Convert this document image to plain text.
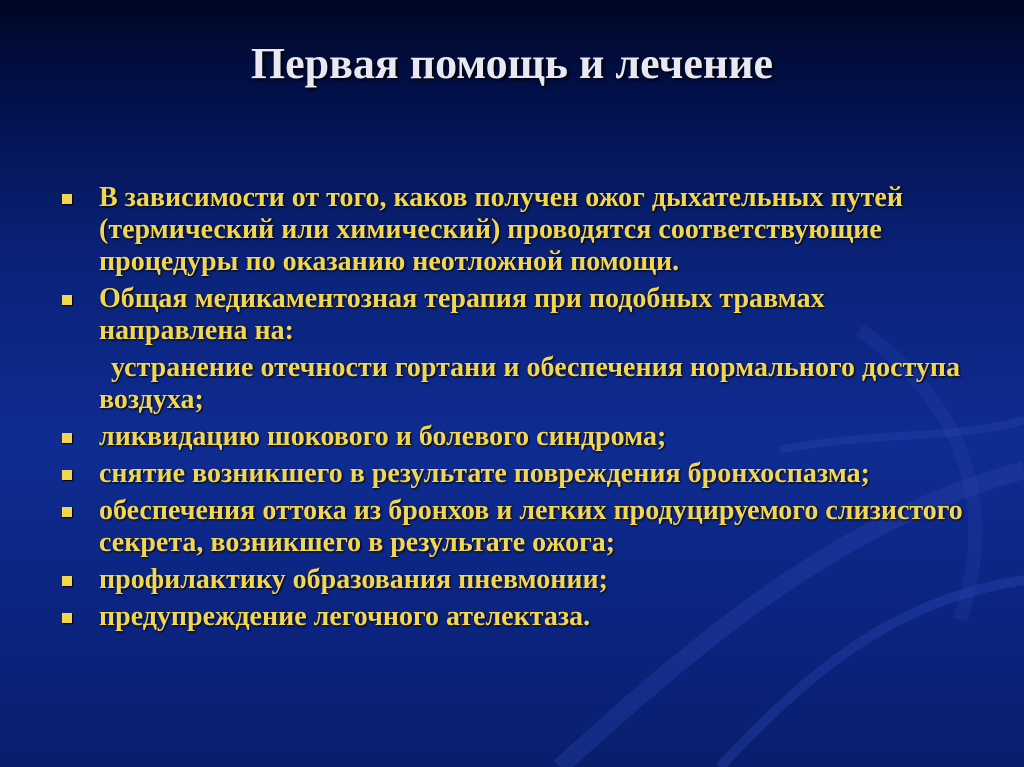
Первая помощь и лечение
В зависимости от того, каков получен ожог дыхательных путей (термический или химический) проводятся соответствующие процедуры по оказанию неотложной помощи.
Общая медикаментозная терапия при подобных травмах направлена на:
устранение отечности гортани и обеспечения нормального доступа воздуха;
ликвидацию шокового и болевого синдрома;
снятие возникшего в результате повреждения бронхоспазма;
обеспечения оттока из бронхов и легких продуцируемого слизистого секрета, возникшего в результате ожога;
профилактику образования пневмонии;
предупреждение легочного ателектаза.
